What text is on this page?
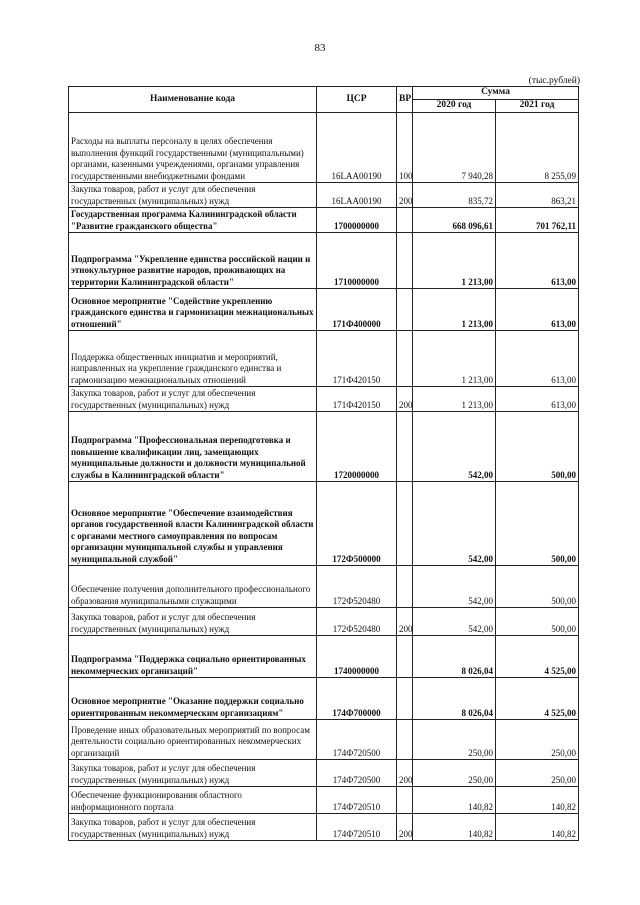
83
(тыс.рублей)
Наименование кода	ЦСР	ВР	Сумма	
			2020 год	2021 год
Расходы на выплаты персоналу в целях обеспечения выполнения функций государственными (муниципальными) органами, казенными учреждениями, органами управления государственными внебюджетными фондами	16LAA00190	100	7 940,28	8 255,09
Закупка товаров, работ и услуг для обеспечения государственных (муниципальных) нужд	16LAA00190	200	835,72	863,21
Государственная программа Калининградской области "Развитие гражданского общества"	1700000000		668 096,61	701 762,11
Подпрограмма "Укрепление единства российской нации и этнокультурное развитие народов, проживающих на территории Калининградской области"	1710000000		1 213,00	613,00
Основное мероприятие "Содействие укреплению гражданского единства и гармонизации межнациональных отношений"	171Ф400000		1 213,00	613,00
Поддержка общественных инициатив и мероприятий, направленных на укрепление гражданского единства и гармонизацию межнациональных отношений	171Ф420150		1 213,00	613,00
Закупка товаров, работ и услуг для обеспечения государственных (муниципальных) нужд	171Ф420150	200	1 213,00	613,00
Подпрограмма "Профессиональная переподготовка и повышение квалификации лиц, замещающих муниципальные должности и должности муниципальной службы в Калининградской области"	1720000000		542,00	500,00
Основное мероприятие "Обеспечение взаимодействия органов государственной власти Калининградской области с органами местного самоуправления по вопросам организации муниципальной службы и управления муниципальной службой"	172Ф500000		542,00	500,00
Обеспечение получения дополнительного профессионального образования муниципальными служащими	172Ф520480		542,00	500,00
Закупка товаров, работ и услуг для обеспечения государственных (муниципальных) нужд	172Ф520480	200	542,00	500,00
Подпрограмма "Поддержка социально ориентированных некоммерческих организаций"	1740000000		8 026,04	4 525,00
Основное мероприятие "Оказание поддержки социально ориентированным некоммерческим организациям"	174Ф700000		8 026,04	4 525,00
Проведение иных образовательных мероприятий по вопросам деятельности социально ориентированных некоммерческих организаций	174Ф720500		250,00	250,00
Закупка товаров, работ и услуг для обеспечения государственных (муниципальных) нужд	174Ф720500	200	250,00	250,00
Обеспечение функционирования областного информационного портала	174Ф720510		140,82	140,82
Закупка товаров, работ и услуг для обеспечения государственных (муниципальных) нужд	174Ф720510	200	140,82	140,82
